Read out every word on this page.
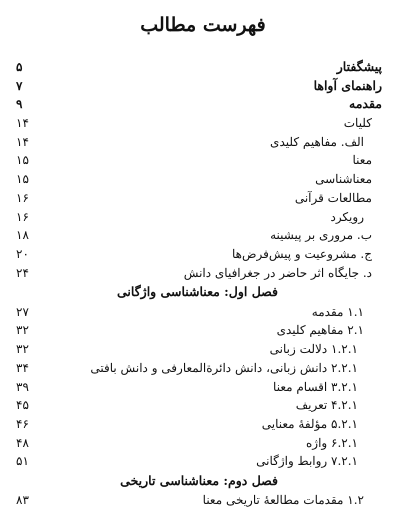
فهرست مطالب
پیشگفتار
۵
راهنمای آواها
۷
مقدمه
۹
کلیات
۱۴
الف. مفاهیم کلیدی
۱۴
معنا
۱۵
معناشناسی
۱۵
مطالعات قرآنی
۱۶
رویکرد
۱۶
ب. مروری بر پیشینه
۱۸
ج. مشروعیت و پیش‌فرض‌ها
۲۰
د. جایگاه اثر حاضر در جغرافیای دانش
۲۴
فصل اول: معناشناسی واژگانی
۱.۱ مقدمه
۲۷
۲.۱ مفاهیم کلیدی
۳۲
۱.۲.۱ دلالت زبانی
۳۲
۲.۲.۱ دانش زبانی، دانش دائرةالمعارفی و دانش بافتی
۳۴
۳.۲.۱ اقسام معنا
۳۹
۴.۲.۱ تعریف
۴۵
۵.۲.۱ مؤلفهٔ معنایی
۴۶
۶.۲.۱ واژه
۴۸
۷.۲.۱ روابط واژگانی
۵۱
فصل دوم: معناشناسی تاریخی
۱.۲ مقدمات مطالعهٔ تاریخی معنا
۸۳
